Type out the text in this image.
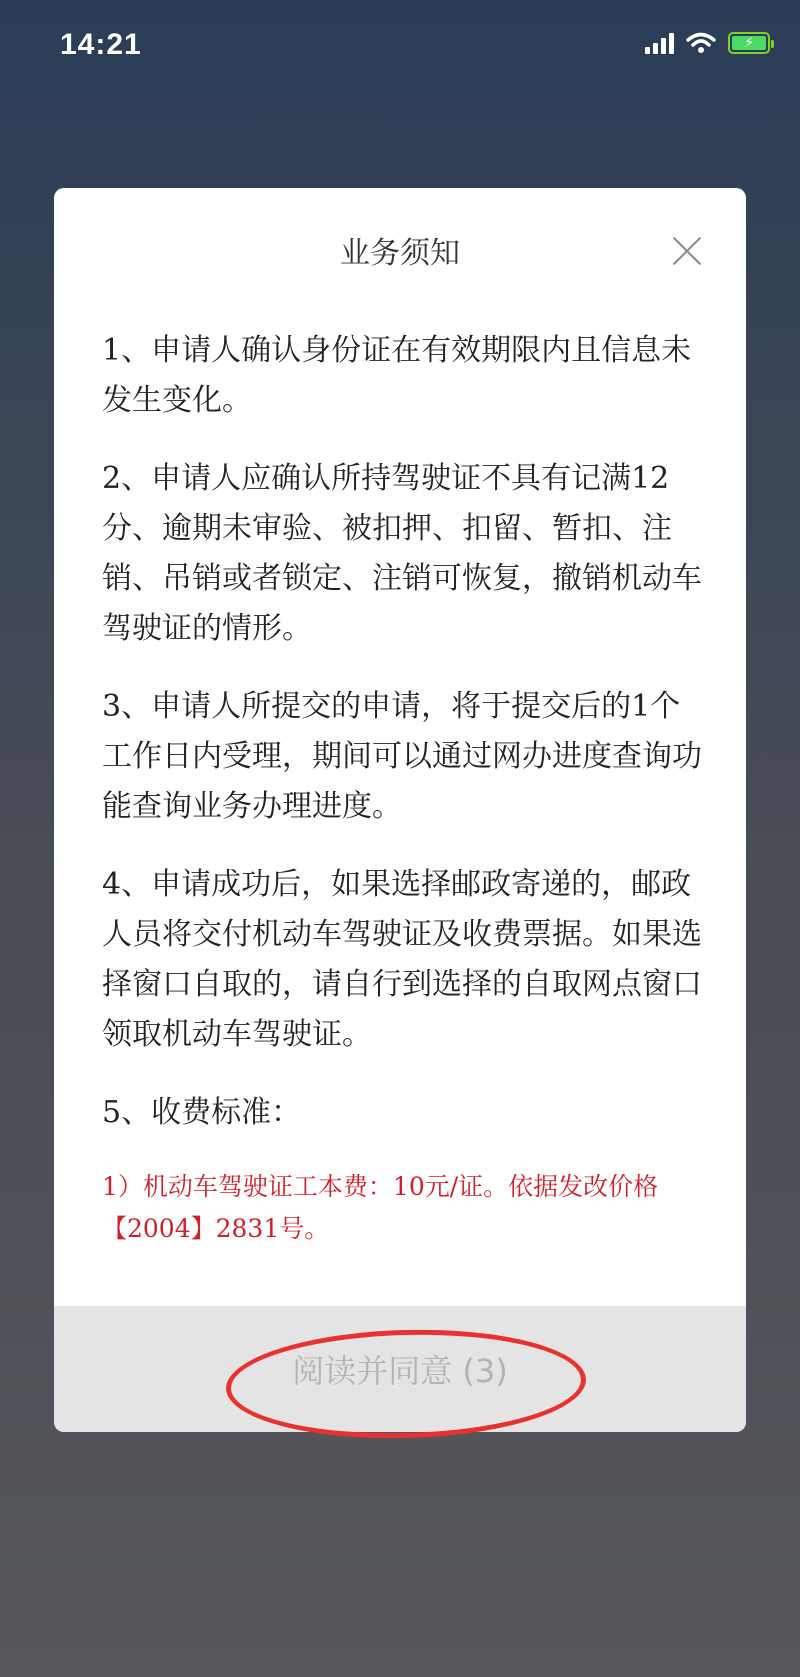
14:21	⚡
业务须知

1、申请人确认身份证在有效期限内且信息未发生变化。

2、申请人应确认所持驾驶证不具有记满12分、逾期未审验、被扣押、扣留、暂扣、注销、吊销或者锁定、注销可恢复，撤销机动车驾驶证的情形。

3、申请人所提交的申请，将于提交后的1个工作日内受理，期间可以通过网办进度查询功能查询业务办理进度。

4、申请成功后，如果选择邮政寄递的，邮政人员将交付机动车驾驶证及收费票据。如果选择窗口自取的，请自行到选择的自取网点窗口领取机动车驾驶证。

5、收费标准：

1）机动车驾驶证工本费：10元/证。依据发改价格 【2004】2831号。
阅读并同意 (3)
